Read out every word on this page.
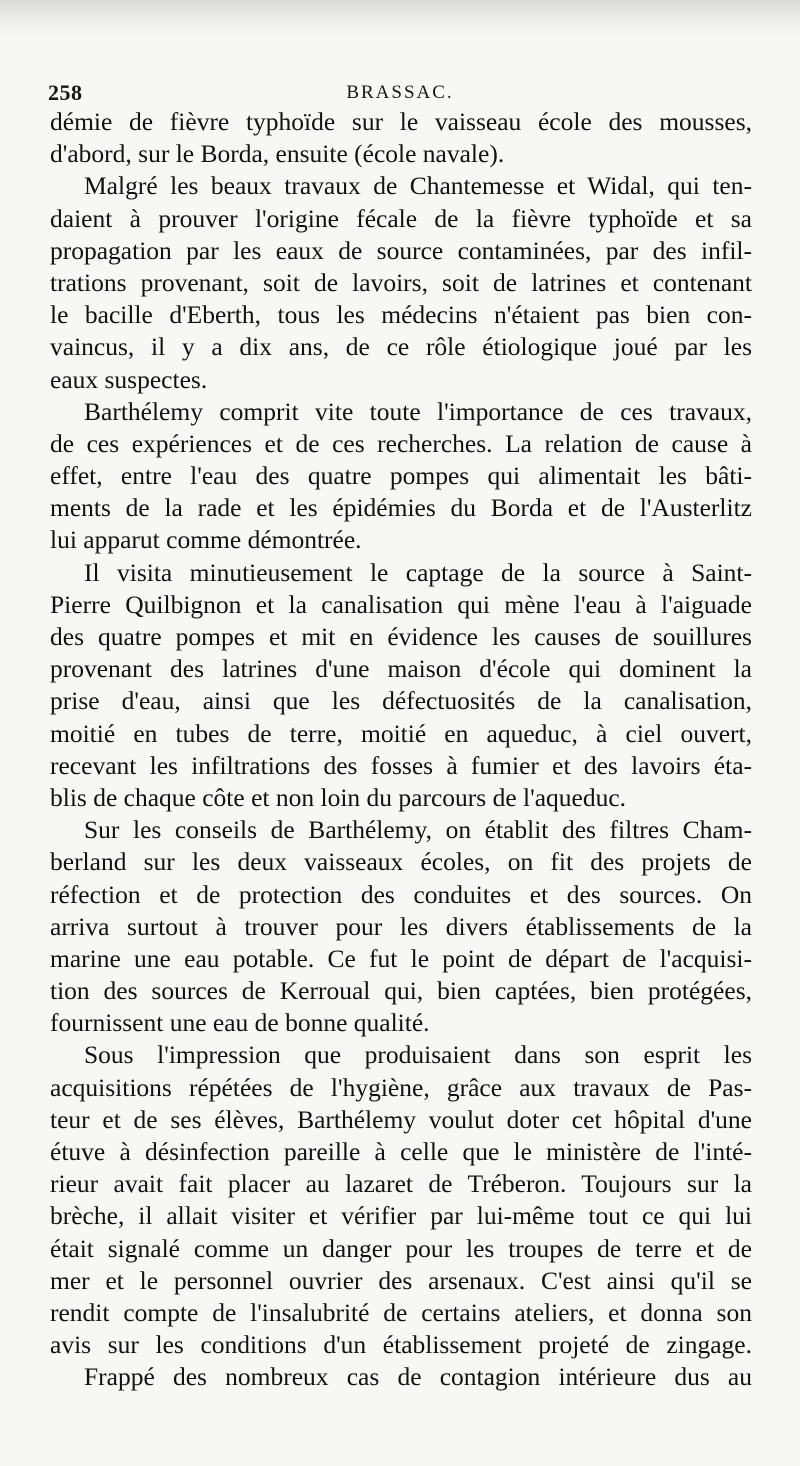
258	BRASSAC.
démie de fièvre typhoïde sur le vaisseau école des mousses,
d'abord, sur le Borda, ensuite (école navale).
Malgré les beaux travaux de Chantemesse et Widal, qui ten-
daient à prouver l'origine fécale de la fièvre typhoïde et sa
propagation par les eaux de source contaminées, par des infil-
trations provenant, soit de lavoirs, soit de latrines et contenant
le bacille d'Eberth, tous les médecins n'étaient pas bien con-
vaincus, il y a dix ans, de ce rôle étiologique joué par les
eaux suspectes.
Barthélemy comprit vite toute l'importance de ces travaux,
de ces expériences et de ces recherches. La relation de cause à
effet, entre l'eau des quatre pompes qui alimentait les bâti-
ments de la rade et les épidémies du Borda et de l'Austerlitz
lui apparut comme démontrée.
Il visita minutieusement le captage de la source à Saint-
Pierre Quilbignon et la canalisation qui mène l'eau à l'aiguade
des quatre pompes et mit en évidence les causes de souillures
provenant des latrines d'une maison d'école qui dominent la
prise d'eau, ainsi que les défectuosités de la canalisation,
moitié en tubes de terre, moitié en aqueduc, à ciel ouvert,
recevant les infiltrations des fosses à fumier et des lavoirs éta-
blis de chaque côte et non loin du parcours de l'aqueduc.
Sur les conseils de Barthélemy, on établit des filtres Cham-
berland sur les deux vaisseaux écoles, on fit des projets de
réfection et de protection des conduites et des sources. On
arriva surtout à trouver pour les divers établissements de la
marine une eau potable. Ce fut le point de départ de l'acquisi-
tion des sources de Kerroual qui, bien captées, bien protégées,
fournissent une eau de bonne qualité.
Sous l'impression que produisaient dans son esprit les
acquisitions répétées de l'hygiène, grâce aux travaux de Pas-
teur et de ses élèves, Barthélemy voulut doter cet hôpital d'une
étuve à désinfection pareille à celle que le ministère de l'inté-
rieur avait fait placer au lazaret de Tréberon. Toujours sur la
brèche, il allait visiter et vérifier par lui-même tout ce qui lui
était signalé comme un danger pour les troupes de terre et de
mer et le personnel ouvrier des arsenaux. C'est ainsi qu'il se
rendit compte de l'insalubrité de certains ateliers, et donna son
avis sur les conditions d'un établissement projeté de zingage.
Frappé des nombreux cas de contagion intérieure dus au
